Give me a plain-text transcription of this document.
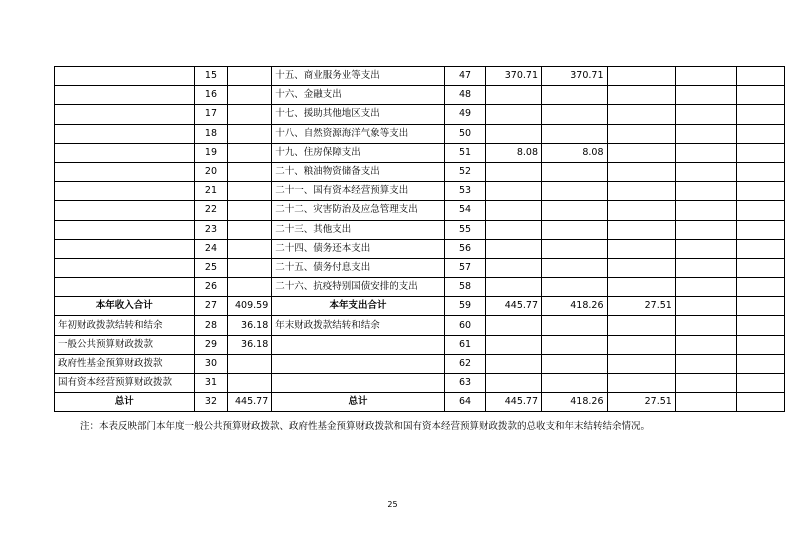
	15		十五、商业服务业等支出	47	370.71	370.71			
	16		十六、金融支出	48					
	17		十七、援助其他地区支出	49					
	18		十八、自然资源海洋气象等支出	50					
	19		十九、住房保障支出	51	8.08	8.08			
	20		二十、粮油物资储备支出	52					
	21		二十一、国有资本经营预算支出	53					
	22		二十二、灾害防治及应急管理支出	54					
	23		二十三、其他支出	55					
	24		二十四、债务还本支出	56					
	25		二十五、债务付息支出	57					
	26		二十六、抗疫特别国债安排的支出	58					
本年收入合计	27	409.59	本年支出合计	59	445.77	418.26	27.51		
年初财政拨款结转和结余	28	36.18	年末财政拨款结转和结余	60					
一般公共预算财政拨款	29	36.18		61					
政府性基金预算财政拨款	30			62					
国有资本经营预算财政拨款	31			63					
总计	32	445.77	总计	64	445.77	418.26	27.51		
注：本表反映部门本年度一般公共预算财政拨款、政府性基金预算财政拨款和国有资本经营预算财政拨款的总收支和年末结转结余情况。
25
